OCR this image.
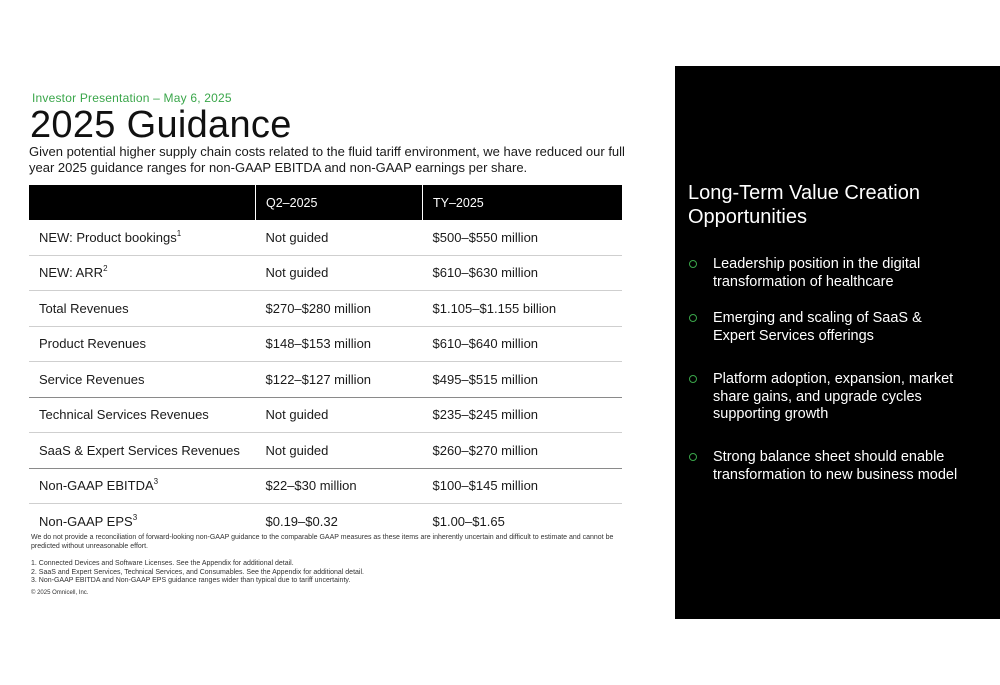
Investor Presentation – May 6, 2025
2025 Guidance
Given potential higher supply chain costs related to the fluid tariff environment, we have reduced our full year 2025 guidance ranges for non-GAAP EBITDA and non-GAAP earnings per share.
	Q2–2025	TY–2025
NEW: Product bookings$^1$	Not guided	$500–$550 million
NEW: ARR$^2$	Not guided	$610–$630 million
Total Revenues	$270–$280 million	$1.105–$1.155 billion
Product Revenues	$148–$153 million	$610–$640 million
Service Revenues	$122–$127 million	$495–$515 million
Technical Services Revenues	Not guided	$235–$245 million
SaaS & Expert Services Revenues	Not guided	$260–$270 million
Non-GAAP EBITDA$^3$	$22–$30 million	$100–$145 million
Non-GAAP EPS$^3$	$0.19–$0.32	$1.00–$1.65
We do not provide a reconciliation of forward-looking non-GAAP guidance to the comparable GAAP measures as these items are inherently uncertain and difficult to estimate and cannot be predicted without unreasonable effort.
1. Connected Devices and Software Licenses. See the Appendix for additional detail.
2. SaaS and Expert Services, Technical Services, and Consumables. See the Appendix for additional detail.
3. Non-GAAP EBITDA and Non-GAAP EPS guidance ranges wider than typical due to tariff uncertainty.
© 2025 Omnicell, Inc.
Long-Term Value Creation Opportunities
Leadership position in the digital transformation of healthcare
Emerging and scaling of SaaS & Expert Services offerings
Platform adoption, expansion, market share gains, and upgrade cycles supporting growth
Strong balance sheet should enable transformation to new business model
